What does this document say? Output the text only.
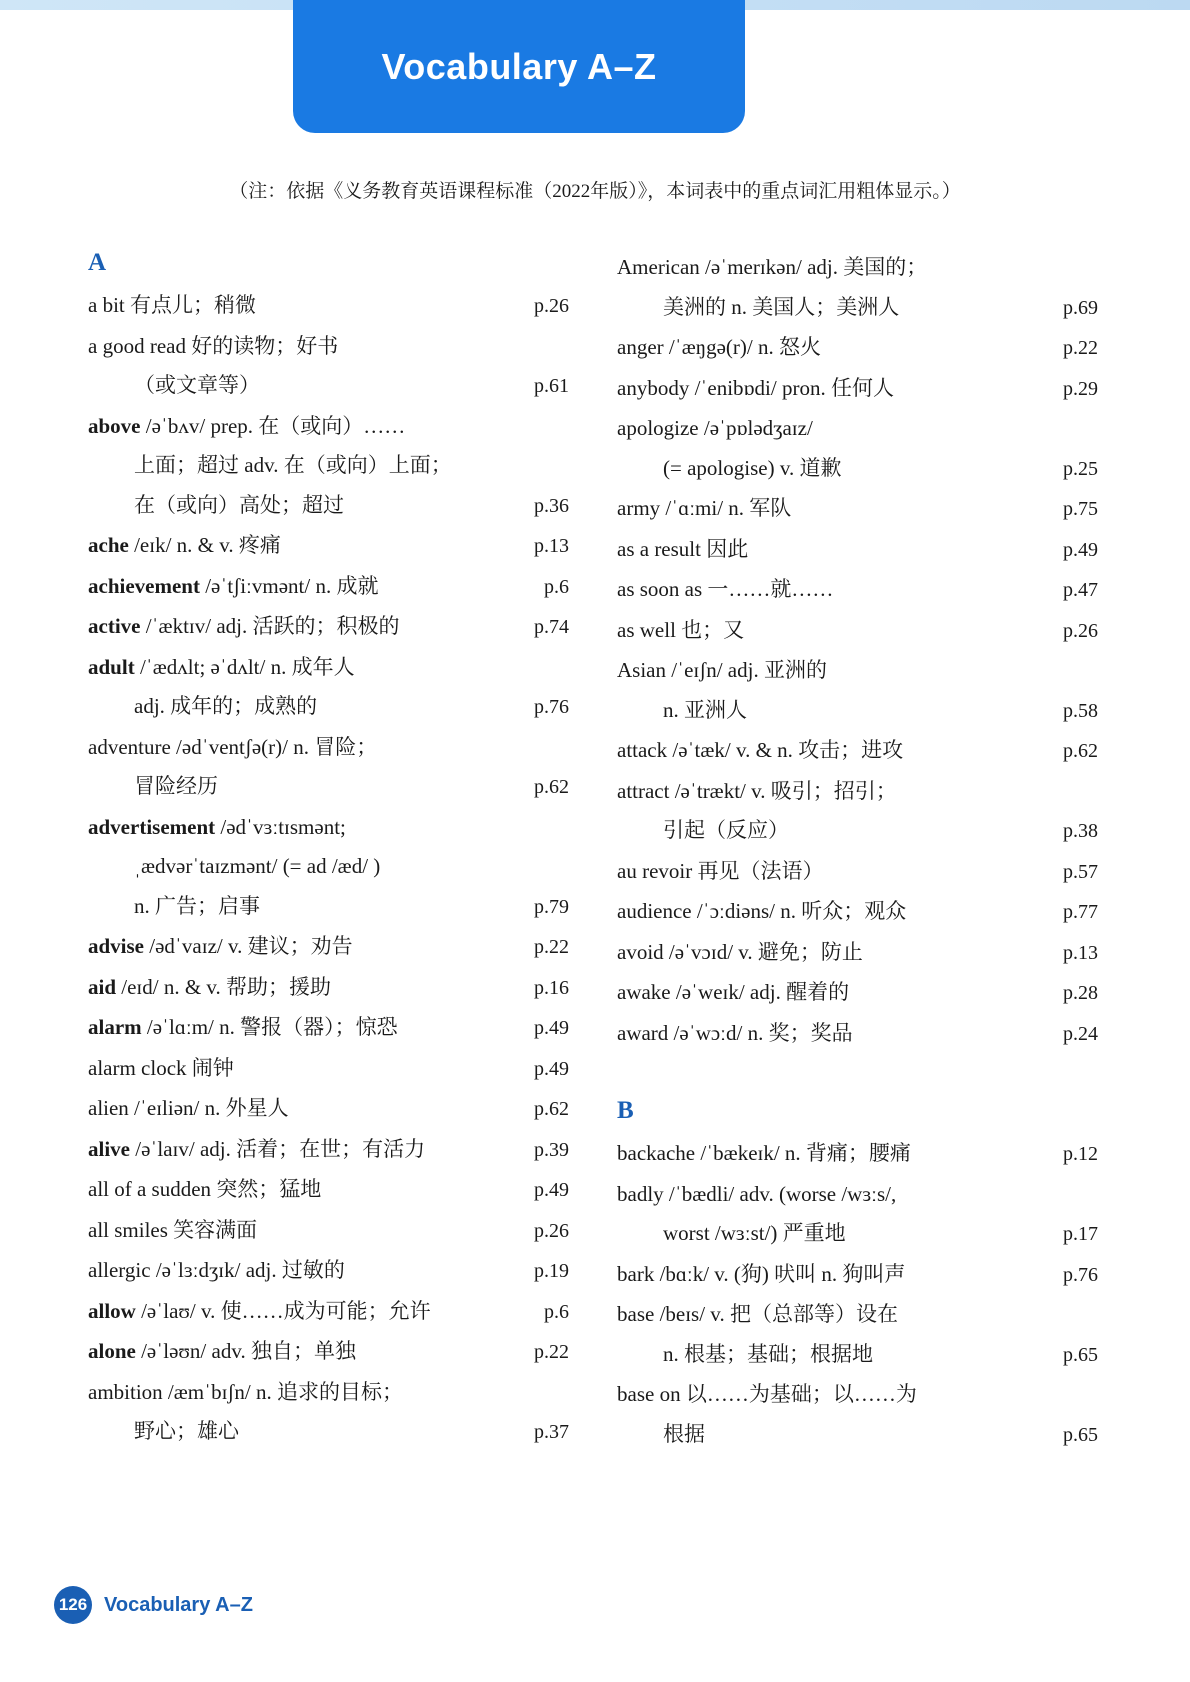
Vocabulary A–Z
（注：依据《义务教育英语课程标准（2022年版）》，本词表中的重点词汇用粗体显示。）
A
a bit 有点儿；稍微	p.26
a good read 好的读物；好书
（或文章等）	p.61
above /əˈbʌv/ prep. 在（或向）……
上面；超过 adv. 在（或向）上面；
在（或向）高处；超过	p.36
ache /eɪk/ n. & v. 疼痛	p.13
achievement /əˈtʃiːvmənt/ n. 成就	p.6
active /ˈæktɪv/ adj. 活跃的；积极的	p.74
adult /ˈædʌlt; əˈdʌlt/ n. 成年人
adj. 成年的；成熟的	p.76
adventure /ədˈventʃə(r)/ n. 冒险；
冒险经历	p.62
advertisement /ədˈvɜːtɪsmənt;
ˌædvərˈtaɪzmənt/ (= ad /æd/ )
n. 广告；启事	p.79
advise /ədˈvaɪz/ v. 建议；劝告	p.22
aid /eɪd/ n. & v. 帮助；援助	p.16
alarm /əˈlɑːm/ n. 警报（器）；惊恐	p.49
alarm clock 闹钟	p.49
alien /ˈeɪliən/ n. 外星人	p.62
alive /əˈlaɪv/ adj. 活着；在世；有活力	p.39
all of a sudden 突然；猛地	p.49
all smiles 笑容满面	p.26
allergic /əˈlɜːdʒɪk/ adj. 过敏的	p.19
allow /əˈlaʊ/ v. 使……成为可能；允许	p.6
alone /əˈləʊn/ adv. 独自；单独	p.22
ambition /æmˈbɪʃn/ n. 追求的目标；
野心；雄心	p.37
American /əˈmerɪkən/ adj. 美国的；
美洲的 n. 美国人；美洲人	p.69
anger /ˈæŋgə(r)/ n. 怒火	p.22
anybody /ˈenibɒdi/ pron. 任何人	p.29
apologize /əˈpɒlədʒaɪz/
(= apologise) v. 道歉	p.25
army /ˈɑːmi/ n. 军队	p.75
as a result 因此	p.49
as soon as 一……就……	p.47
as well 也；又	p.26
Asian /ˈeɪʃn/ adj. 亚洲的
n. 亚洲人	p.58
attack /əˈtæk/ v. & n. 攻击；进攻	p.62
attract /əˈtrækt/ v. 吸引；招引；
引起（反应）	p.38
au revoir 再见（法语）	p.57
audience /ˈɔːdiəns/ n. 听众；观众	p.77
avoid /əˈvɔɪd/ v. 避免；防止	p.13
awake /əˈweɪk/ adj. 醒着的	p.28
award /əˈwɔːd/ n. 奖；奖品	p.24
B
backache /ˈbækeɪk/ n. 背痛；腰痛	p.12
badly /ˈbædli/ adv. (worse /wɜːs/,
worst /wɜːst/) 严重地	p.17
bark /bɑːk/ v. (狗) 吠叫 n. 狗叫声	p.76
base /beɪs/ v. 把（总部等）设在
n. 根基；基础；根据地	p.65
base on 以……为基础；以……为
根据	p.65
126 Vocabulary A–Z
